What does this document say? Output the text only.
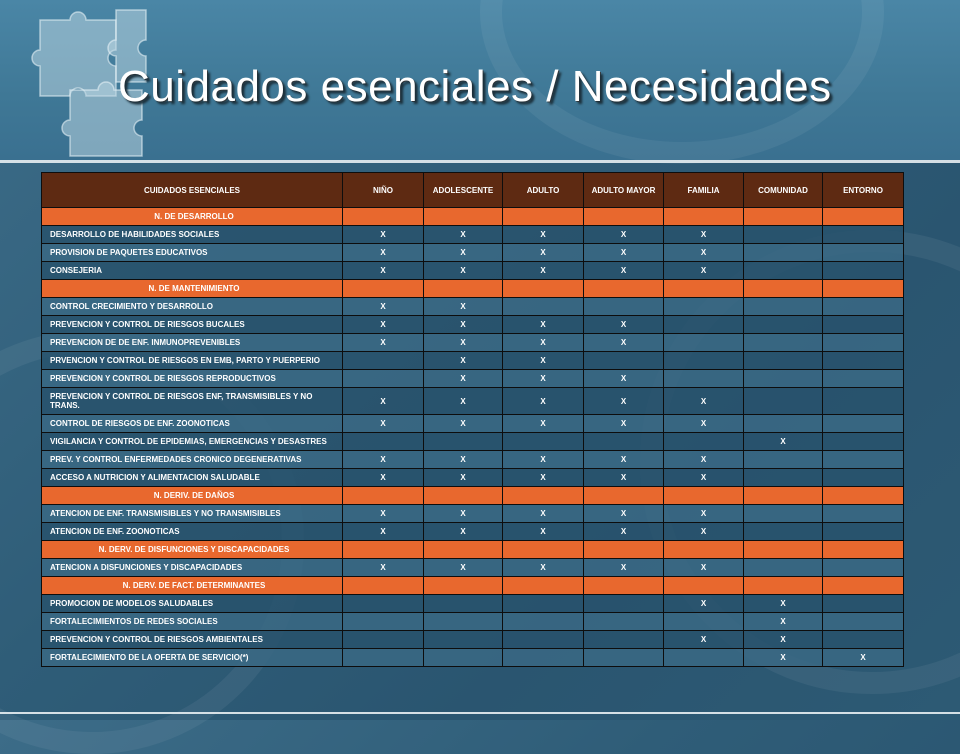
Cuidados esenciales / Necesidades
CUIDADOS ESENCIALES	NIÑO	ADOLESCENTE	ADULTO	ADULTO MAYOR	FAMILIA	COMUNIDAD	ENTORNO
N. DE DESARROLLO							
DESARROLLO DE HABILIDADES SOCIALES	X	X	X	X	X		
PROVISION DE PAQUETES EDUCATIVOS	X	X	X	X	X		
CONSEJERIA	X	X	X	X	X		
N. DE MANTENIMIENTO							
CONTROL CRECIMIENTO Y DESARROLLO	X	X					
PREVENCION Y CONTROL DE RIESGOS BUCALES	X	X	X	X			
PREVENCION DE DE ENF. INMUNOPREVENIBLES	X	X	X	X			
PRVENCION Y CONTROL DE RIESGOS EN EMB, PARTO Y PUERPERIO		X	X				
PREVENCION Y CONTROL DE RIESGOS REPRODUCTIVOS		X	X	X			
PREVENCION Y CONTROL DE RIESGOS ENF, TRANSMISIBLES Y NO TRANS.	X	X	X	X	X		
CONTROL DE RIESGOS DE ENF. ZOONOTICAS	X	X	X	X	X		
VIGILANCIA Y CONTROL DE EPIDEMIAS, EMERGENCIAS Y DESASTRES						X	
PREV. Y CONTROL ENFERMEDADES CRONICO DEGENERATIVAS	X	X	X	X	X		
ACCESO A NUTRICION Y ALIMENTACION SALUDABLE	X	X	X	X	X		
N. DERIV. DE DAÑOS							
ATENCION DE ENF. TRANSMISIBLES Y NO TRANSMISIBLES	X	X	X	X	X		
ATENCION DE ENF. ZOONOTICAS	X	X	X	X	X		
N. DERV. DE DISFUNCIONES Y DISCAPACIDADES							
ATENCION A DISFUNCIONES Y DISCAPACIDADES	X	X	X	X	X		
N. DERV. DE FACT. DETERMINANTES							
PROMOCION DE MODELOS SALUDABLES					X	X	
FORTALECIMIENTOS DE REDES SOCIALES						X	
PREVENCION Y CONTROL DE RIESGOS AMBIENTALES					X	X	
FORTALECIMIENTO DE LA OFERTA DE SERVICIO(*)						X	X
